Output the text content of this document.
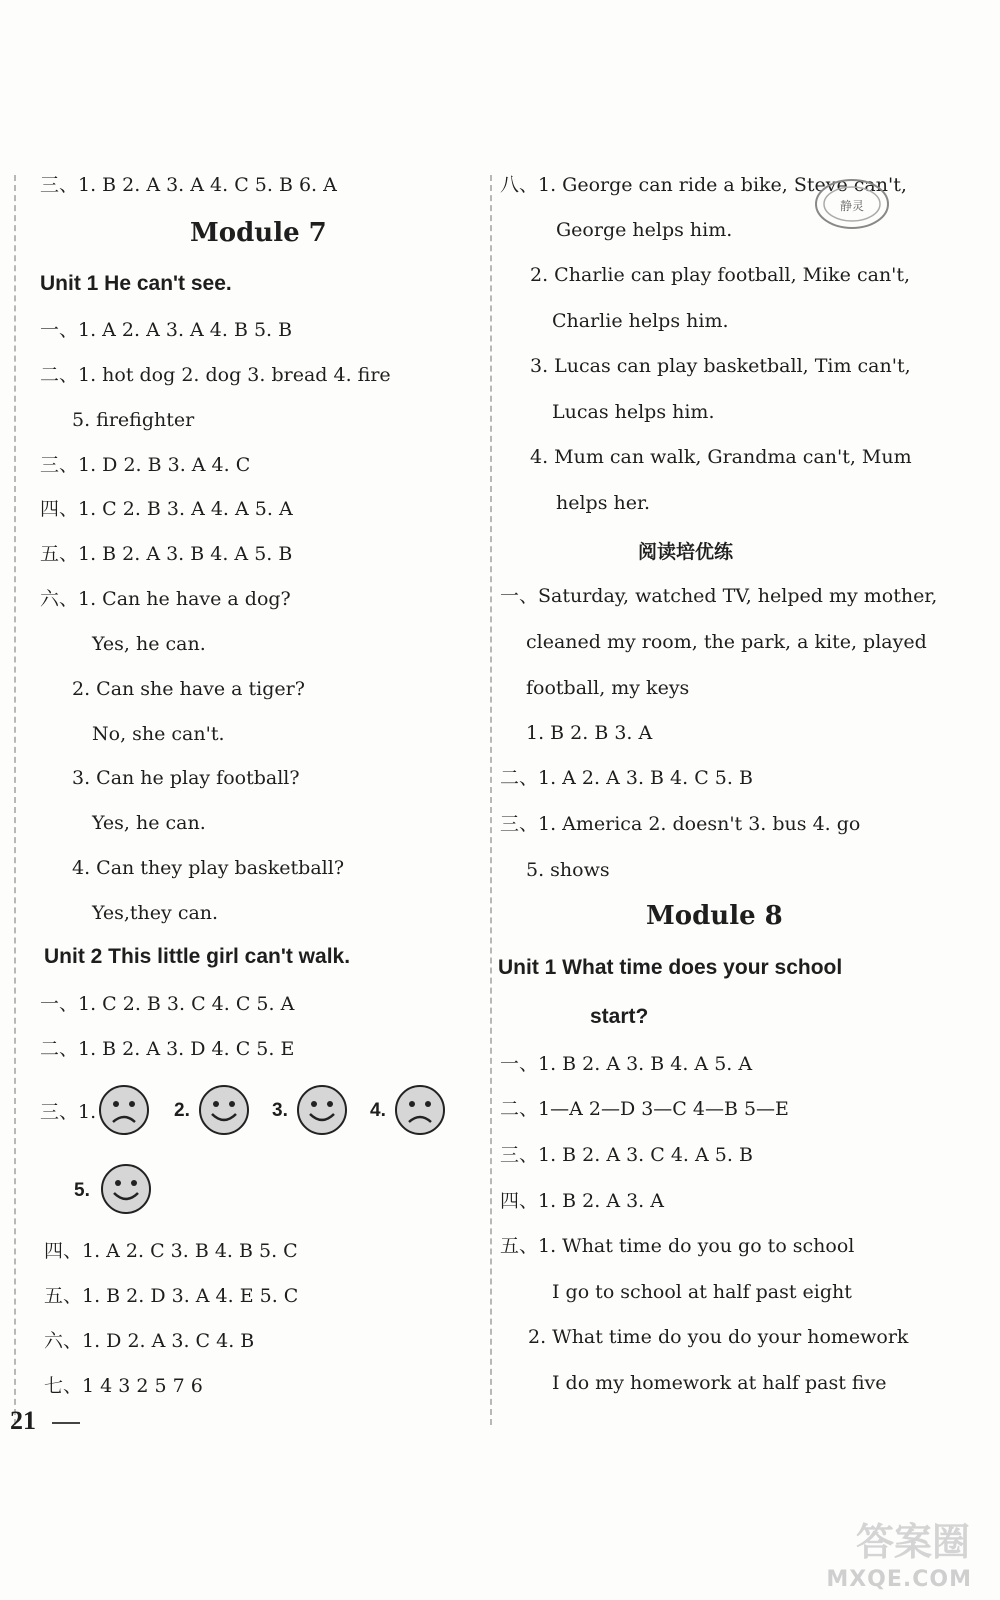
三、1. B 2. A 3. A 4. C 5. B 6. A
Module 7
Unit 1 He can't see.
一、1. A 2. A 3. A 4. B 5. B
二、1. hot dog 2. dog 3. bread 4. fire
5. firefighter
三、1. D 2. B 3. A 4. C
四、1. C 2. B 3. A 4. A 5. A
五、1. B 2. A 3. B 4. A 5. B
六、1. Can he have a dog?
Yes, he can.
2. Can she have a tiger?
No, she can't.
3. Can he play football?
Yes, he can.
4. Can they play basketball?
Yes,they can.
Unit 2 This little girl can't walk.
一、1. C 2. B 3. C 4. C 5. A
二、1. B 2. A 3. D 4. C 5. E
三、1.	2.	3.	4.
5.
四、1. A 2. C 3. B 4. B 5. C
五、1. B 2. D 3. A 4. E 5. C
六、1. D 2. A 3. C 4. B
七、1 4 3 2 5 7 6
八、1. George can ride a bike, Steve can't,
George helps him.
2. Charlie can play football, Mike can't,
Charlie helps him.
3. Lucas can play basketball, Tim can't,
Lucas helps him.
4. Mum can walk, Grandma can't, Mum
helps her.
阅读培优练
一、Saturday, watched TV, helped my mother,
cleaned my room, the park, a kite, played
football, my keys
1. B 2. B 3. A
二、1. A 2. A 3. B 4. C 5. B
三、1. America 2. doesn't 3. bus 4. go
5. shows
Module 8
Unit 1 What time does your school
start?
一、1. B 2. A 3. B 4. A 5. A
二、1—A 2—D 3—C 4—B 5—E
三、1. B 2. A 3. C 4. A 5. B
四、1. B 2. A 3. A
五、1. What time do you go to school
I go to school at half past eight
2. What time do you do your homework
I do my homework at half past five
静灵
21
答案圈
MXQE.COM
